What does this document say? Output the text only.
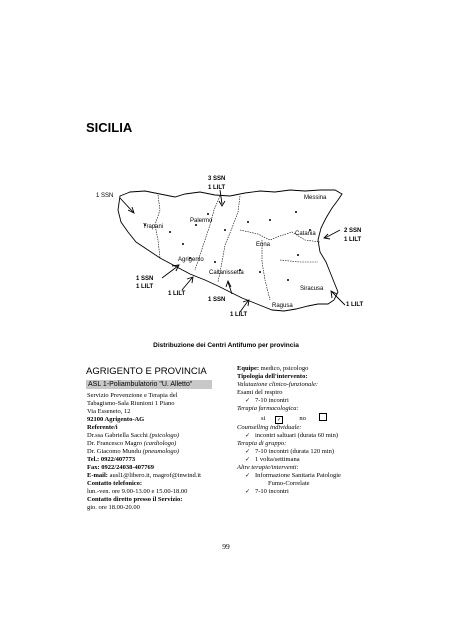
SICILIA
3 SSN
1 LILT
1 SSN	Messina
Trapani
Palermo
Enna
Catania	2 SSN
1 LILT
Agrigento
Caltanissetta
1 SSN
1 LILT
1 LILT
Siracusa
1 SSN
Ragusa	1 LILT
1 LILT
Distribuzione dei Centri Antifumo per provincia
AGRIGENTO E PROVINCIA
ASL 1-Poliambulatorio "U. Alletto"
Servizio Prevenzione e Terapia del
Tabagismo-Sala Riunioni 1 Piano
Via Esseneto, 12
92100 Agrigento-AG
Referente/i
Dr.ssa Gabriella Sacchi (psicologo)
Dr. Francesco Magro (cardiologo)
Dr. Giacomo Mundu (pneumologo)
Tel.: 0922/407773
Fax: 0922/24038-407769
E-mail: ausl1@libero.it, magrof@inwind.it
Contatto telefonico:
lun.-ven. ore 9.00-13.00 e 15.00-18.00
Contatto diretto presso il Servizio:
gio. ore 18.00-20.00
Equipe: medico, psicologo
Tipologia dell'intervento:
Valutazione clinico-funzionale:
Esami del respiro
✓ 7-10 incontri
Terapia farmacologica:
si ✓	no
Counselling individuale:
✓ incontri saltuari (durata 60 min)
Terapia di gruppo:
✓ 7-10 incontri (durata 120 min)
✓ 1 volta/settimana
Altre terapie/interventi:
✓ Informazione Sanitaria Patologie
Fumo-Correlate
✓ 7-10 incontri
99
